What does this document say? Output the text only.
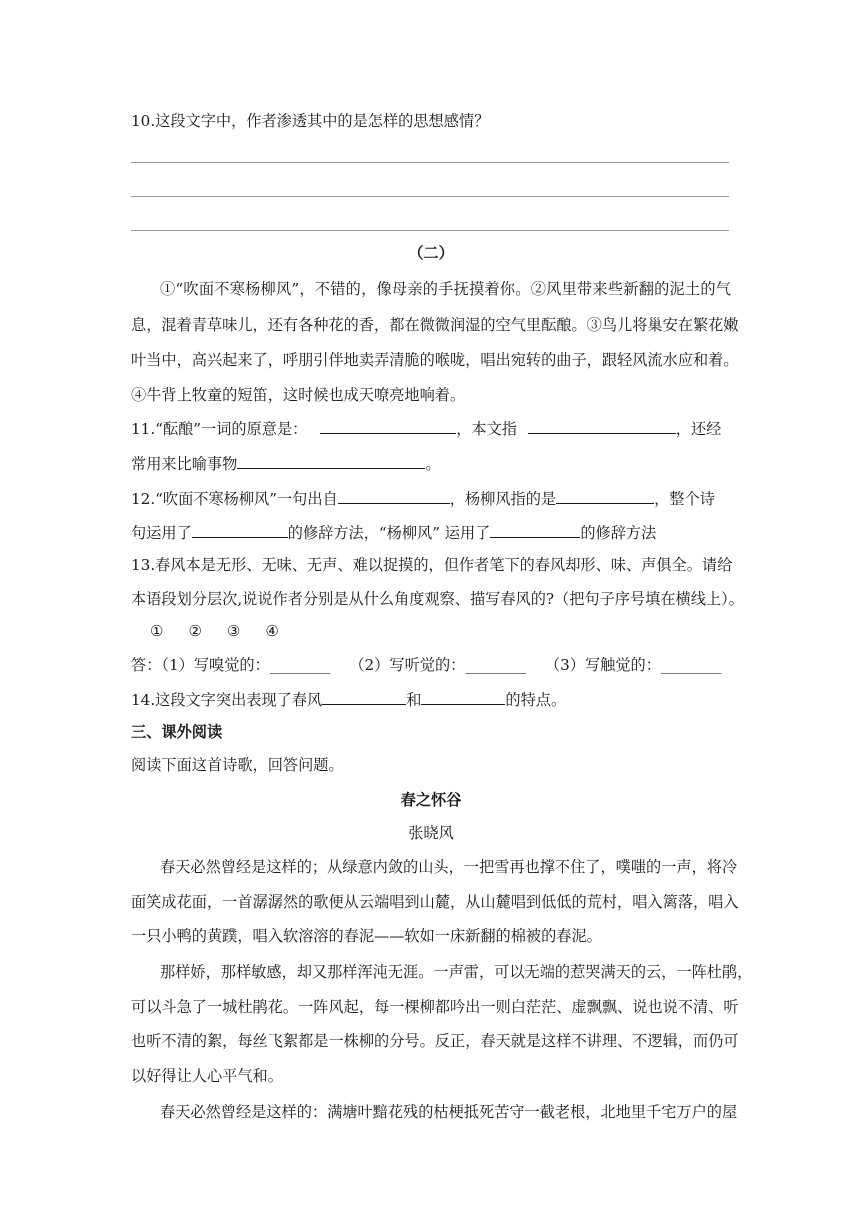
10.这段文字中，作者渗透其中的是怎样的思想感情？
（二）
①“吹面不寒杨柳风”，不错的，像母亲的手抚摸着你。②风里带来些新翻的泥土的气
息，混着青草味儿，还有各种花的香，都在微微润湿的空气里酝酿。③鸟儿将巢安在繁花嫩
叶当中，高兴起来了，呼朋引伴地卖弄清脆的喉咙，唱出宛转的曲子，跟轻风流水应和着。
④牛背上牧童的短笛，这时候也成天嘹亮地响着。
11.“酝酿”一词的原意是：	，本文指	，还经
常用来比喻事物	。
12.“吹面不寒杨柳风”一句出自	，杨柳风指的是	，整个诗
句运用了	的修辞方法，“杨柳风” 运用了	的修辞方法
13.春风本是无形、无味、无声、难以捉摸的，但作者笔下的春风却形、味、声俱全。请给
本语段划分层次,说说作者分别是从什么角度观察、描写春风的?（把句子序号填在横线上）。
① ② ③ ④
答：（1）写嗅觉的：________ （2）写听觉的：________ （3）写触觉的：________
14.这段文字突出表现了春风	和	的特点。
三、课外阅读
阅读下面这首诗歌，回答问题。
春之怀谷
张晓风
春天必然曾经是这样的；从绿意内敛的山头，一把雪再也撑不住了，噗嗤的一声，将冷
面笑成花面，一首潺潺然的歌便从云端唱到山麓，从山麓唱到低低的荒村，唱入篱落，唱入
一只小鸭的黄蹼，唱入软溶溶的春泥——软如一床新翻的棉被的春泥。
那样娇，那样敏感，却又那样浑沌无涯。一声雷，可以无端的惹哭满天的云，一阵杜鹃，
可以斗急了一城杜鹃花。一阵风起，每一棵柳都吟出一则白茫茫、虚飘飘、说也说不清、听
也听不清的絮，每丝飞絮都是一株柳的分号。反正，春天就是这样不讲理、不逻辑，而仍可
以好得让人心平气和。
春天必然曾经是这样的：满塘叶黯花残的枯梗抵死苦守一截老根，北地里千宅万户的屋
